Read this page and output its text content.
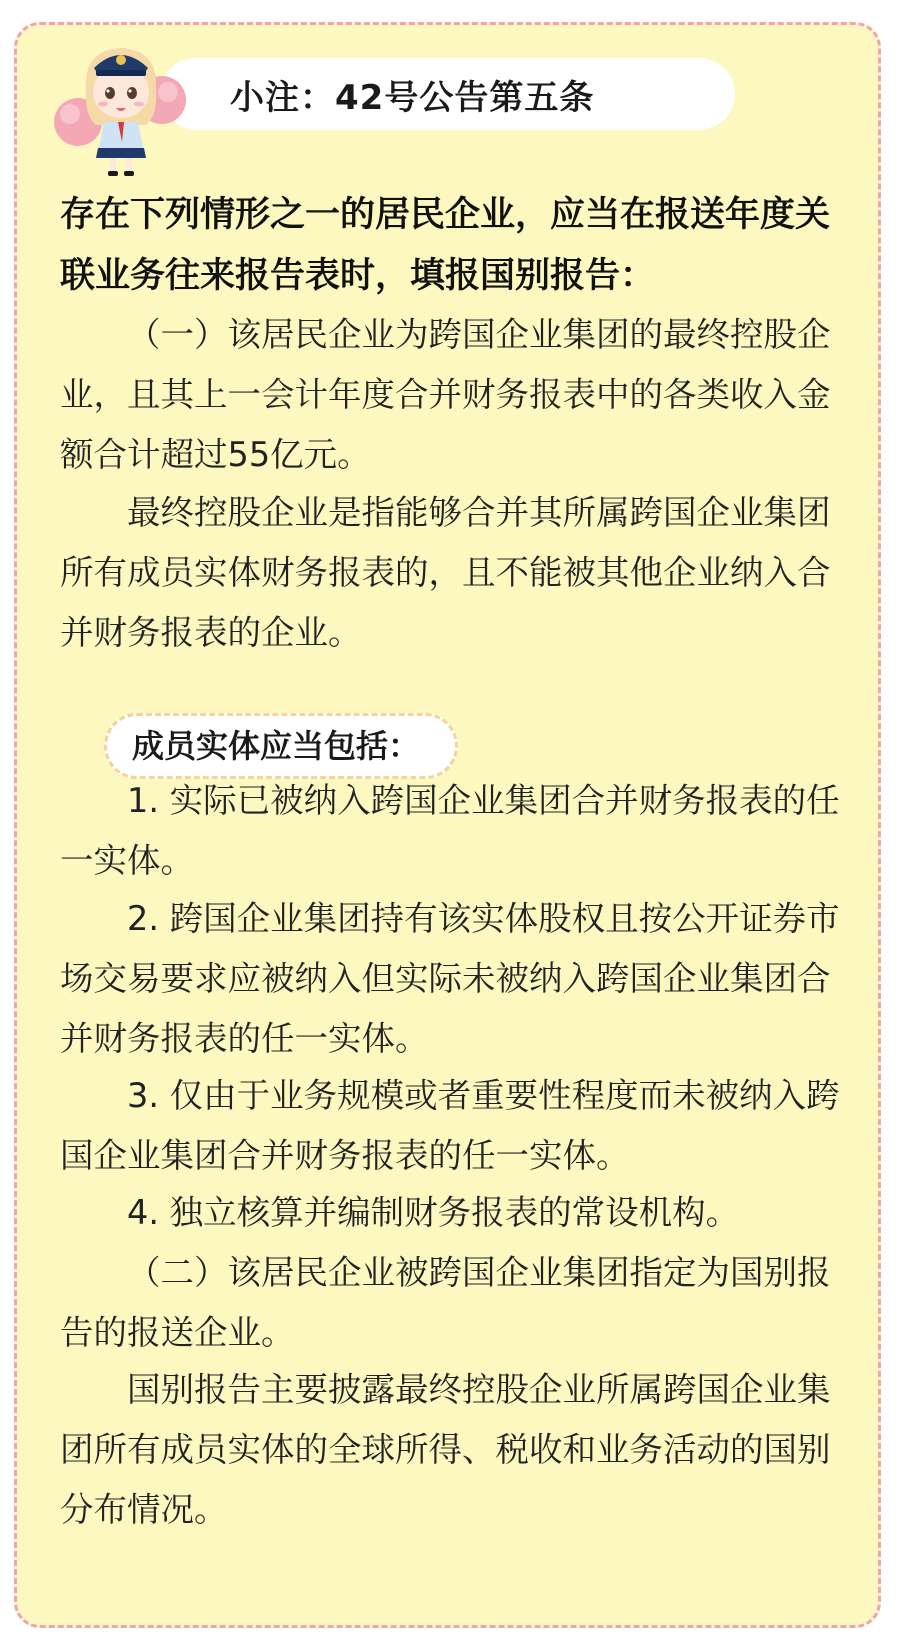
小注：42号公告第五条

存在下列情形之一的居民企业，应当在报送年度关联业务往来报告表时，填报国别报告：

（一）该居民企业为跨国企业集团的最终控股企业，且其上一会计年度合并财务报表中的各类收入金额合计超过55亿元。

最终控股企业是指能够合并其所属跨国企业集团所有成员实体财务报表的，且不能被其他企业纳入合并财务报表的企业。

成员实体应当包括：

1. 实际已被纳入跨国企业集团合并财务报表的任一实体。

2. 跨国企业集团持有该实体股权且按公开证券市场交易要求应被纳入但实际未被纳入跨国企业集团合并财务报表的任一实体。

3. 仅由于业务规模或者重要性程度而未被纳入跨国企业集团合并财务报表的任一实体。

4. 独立核算并编制财务报表的常设机构。

（二）该居民企业被跨国企业集团指定为国别报告的报送企业。

国别报告主要披露最终控股企业所属跨国企业集团所有成员实体的全球所得、税收和业务活动的国别分布情况。
